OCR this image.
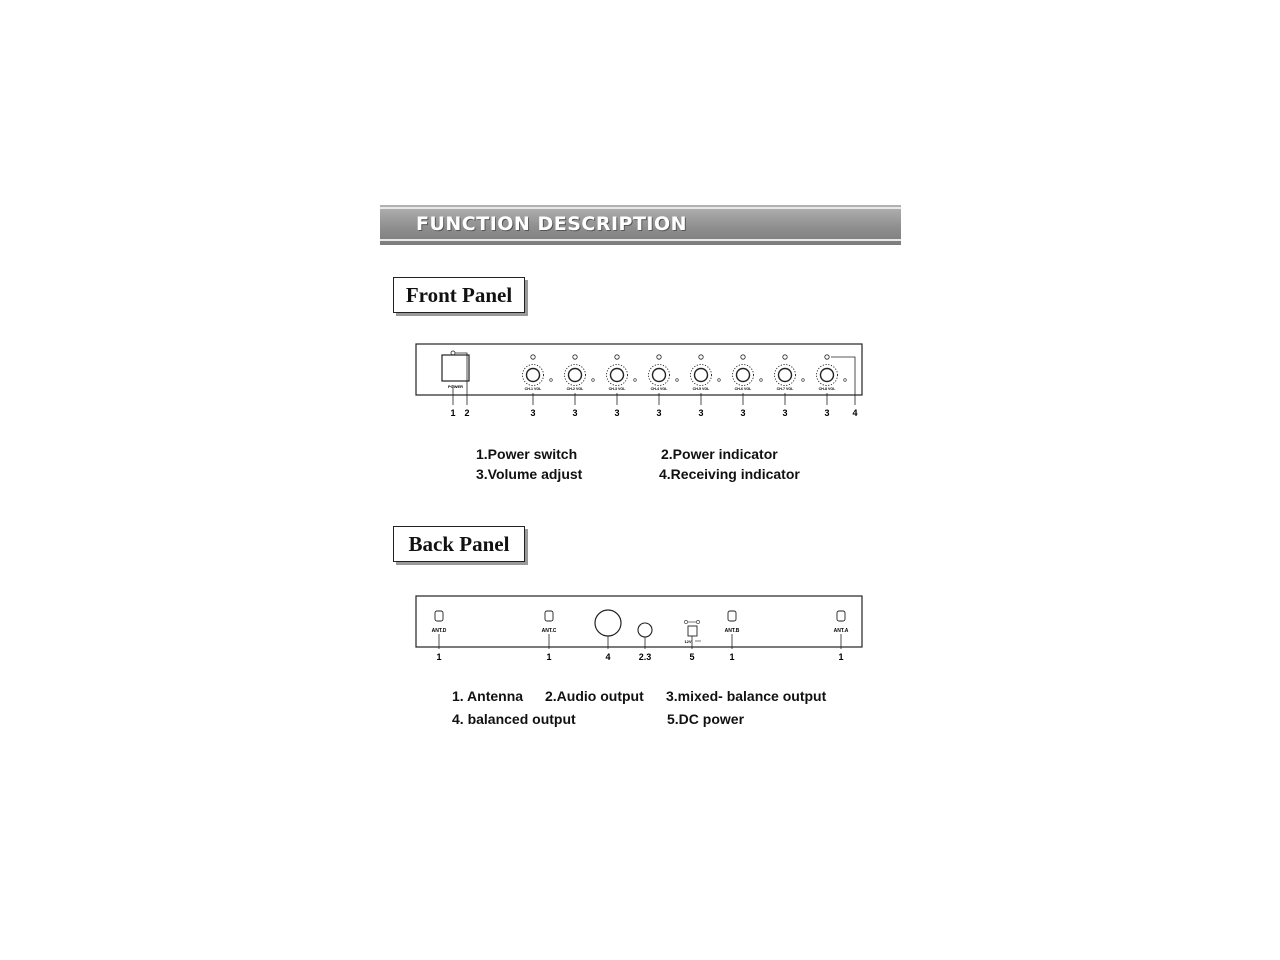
FUNCTION DESCRIPTION
Front Panel
POWER
1 2
CH-1 VOL
3
CH-2 VOL
3
CH-3 VOL
3
CH-4 VOL
3
CH-5 VOL
3
CH-6 VOL
3
CH-7 VOL
3
CH-8 VOL
3	4
1.Power switch	2.Power indicator
3.Volume adjust	4.Receiving indicator
Back Panel
ANT.D
1
ANT.C
1	4	2.3
12V
5
ANT.B
1
ANT.A
1
1. Antenna 2.Audio output 3.mixed- balance output
4. balanced output	5.DC power
